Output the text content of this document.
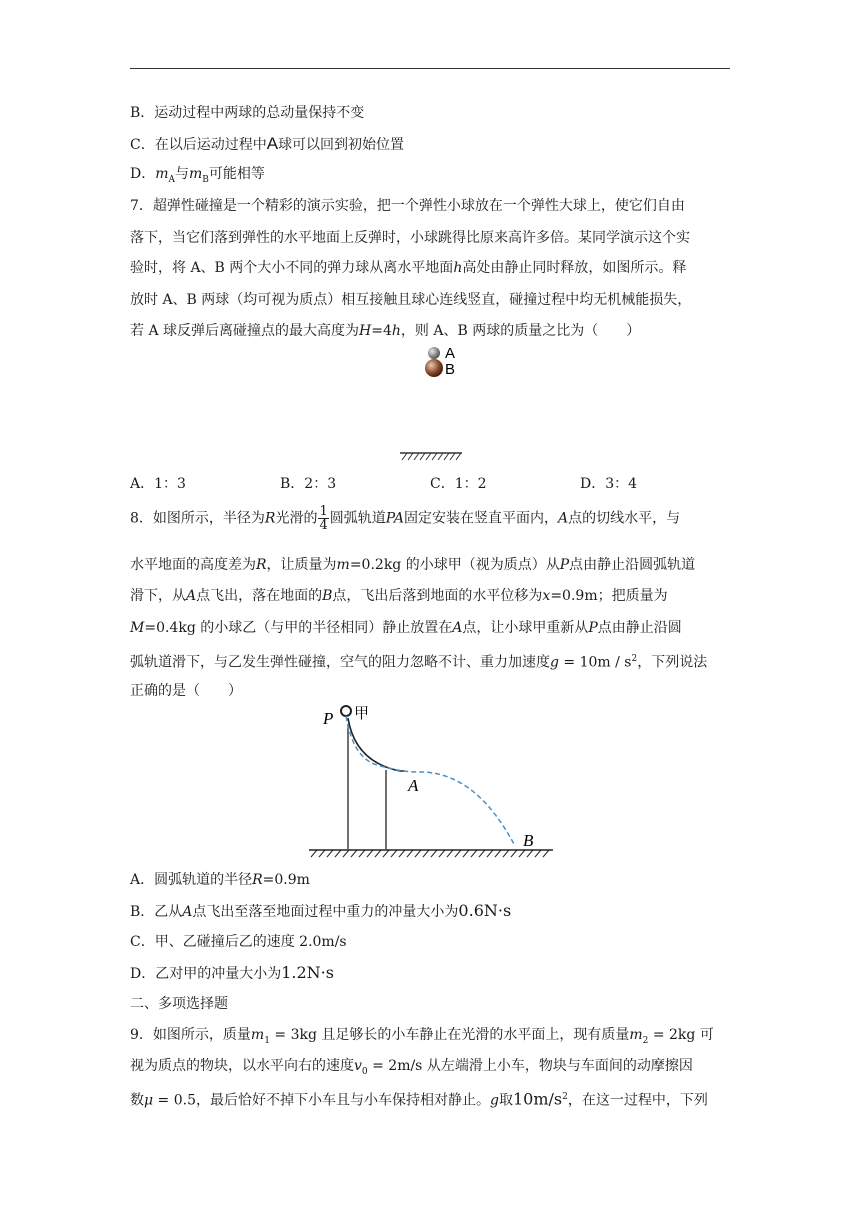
B．运动过程中两球的总动量保持不变
C．在以后运动过程中A球可以回到初始位置
D．$m_A$与$m_B$可能相等
7．超弹性碰撞是一个精彩的演示实验，把一个弹性小球放在一个弹性大球上，使它们自由
落下，当它们落到弹性的水平地面上反弹时，小球跳得比原来高许多倍。某同学演示这个实
验时，将 A、B 两个大小不同的弹力球从离水平地面h高处由静止同时释放，如图所示。释
放时 A、B 两球（均可视为质点）相互接触且球心连线竖直，碰撞过程中均无机械能损失，
若 A 球反弹后离碰撞点的最大高度为H=4h，则 A、B 两球的质量之比为（　　）
A
B
A．1：3	B．2：3	C．1：2	D．3：4
8．如图所示，半径为R光滑的 $\frac{1}{4}$ 圆弧轨道PA固定安装在竖直平面内，A点的切线水平，与
水平地面的高度差为R，让质量为m=0.2kg 的小球甲（视为质点）从P点由静止沿圆弧轨道
滑下，从A点飞出，落在地面的B点，飞出后落到地面的水平位移为x=0.9m；把质量为
M=0.4kg 的小球乙（与甲的半径相同）静止放置在A点，让小球甲重新从P点由静止沿圆
弧轨道滑下，与乙发生弹性碰撞，空气的阻力忽略不计、重力加速度$g = 10m / s^2$，下列说法
正确的是（　　）
P 甲
A
B
A．圆弧轨道的半径R=0.9m
B．乙从A点飞出至落至地面过程中重力的冲量大小为0.6N·s
C．甲、乙碰撞后乙的速度 2.0m/s
D．乙对甲的冲量大小为1.2N·s
二、多项选择题
9．如图所示，质量$m_1 = 3kg$ 且足够长的小车静止在光滑的水平面上，现有质量$m_2 = 2kg$ 可
视为质点的物块，以水平向右的速度$v_0 = 2m/s$ 从左端滑上小车，物块与车面间的动摩擦因
数μ = 0.5，最后恰好不掉下小车且与小车保持相对静止。g取$10m/s^2$，在这一过程中，下列
